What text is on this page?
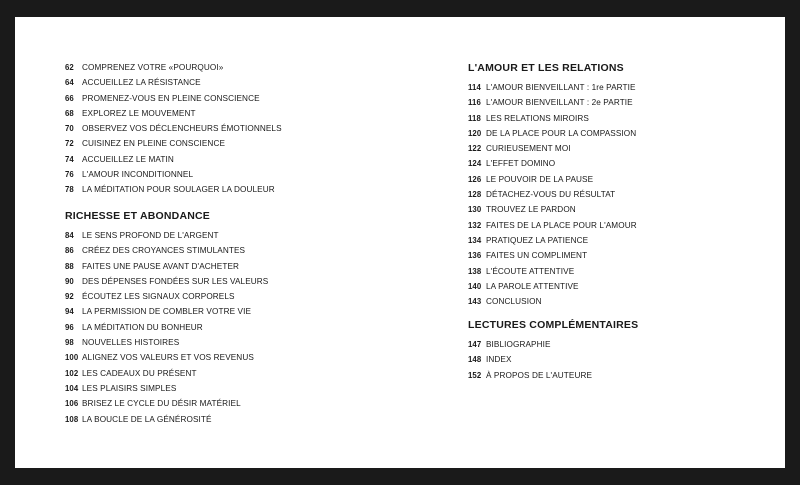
62 COMPRENEZ VOTRE «POURQUOI»
64 ACCUEILLEZ LA RÉSISTANCE
66 PROMENEZ-VOUS EN PLEINE CONSCIENCE
68 EXPLOREZ LE MOUVEMENT
70 OBSERVEZ VOS DÉCLENCHEURS ÉMOTIONNELS
72 CUISINEZ EN PLEINE CONSCIENCE
74 ACCUEILLEZ LE MATIN
76 L'AMOUR INCONDITIONNEL
78 LA MÉDITATION POUR SOULAGER LA DOULEUR
RICHESSE ET ABONDANCE
84 LE SENS PROFOND DE L'ARGENT
86 CRÉEZ DES CROYANCES STIMULANTES
88 FAITES UNE PAUSE AVANT D'ACHETER
90 DES DÉPENSES FONDÉES SUR LES VALEURS
92 ÉCOUTEZ LES SIGNAUX CORPORELS
94 LA PERMISSION DE COMBLER VOTRE VIE
96 LA MÉDITATION DU BONHEUR
98 NOUVELLES HISTOIRES
100 ALIGNEZ VOS VALEURS ET VOS REVENUS
102 LES CADEAUX DU PRÉSENT
104 LES PLAISIRS SIMPLES
106 BRISEZ LE CYCLE DU DÉSIR MATÉRIEL
108 LA BOUCLE DE LA GÉNÉROSITÉ
L'AMOUR ET LES RELATIONS
114 L'AMOUR BIENVEILLANT : 1re PARTIE
116 L'AMOUR BIENVEILLANT : 2e PARTIE
118 LES RELATIONS MIROIRS
120 DE LA PLACE POUR LA COMPASSION
122 CURIEUSEMENT MOI
124 L'EFFET DOMINO
126 LE POUVOIR DE LA PAUSE
128 DÉTACHEZ-VOUS DU RÉSULTAT
130 TROUVEZ LE PARDON
132 FAITES DE LA PLACE POUR L'AMOUR
134 PRATIQUEZ LA PATIENCE
136 FAITES UN COMPLIMENT
138 L'ÉCOUTE ATTENTIVE
140 LA PAROLE ATTENTIVE
143 CONCLUSION
LECTURES COMPLÉMENTAIRES
147 BIBLIOGRAPHIE
148 INDEX
152 À PROPOS DE L'AUTEURE
